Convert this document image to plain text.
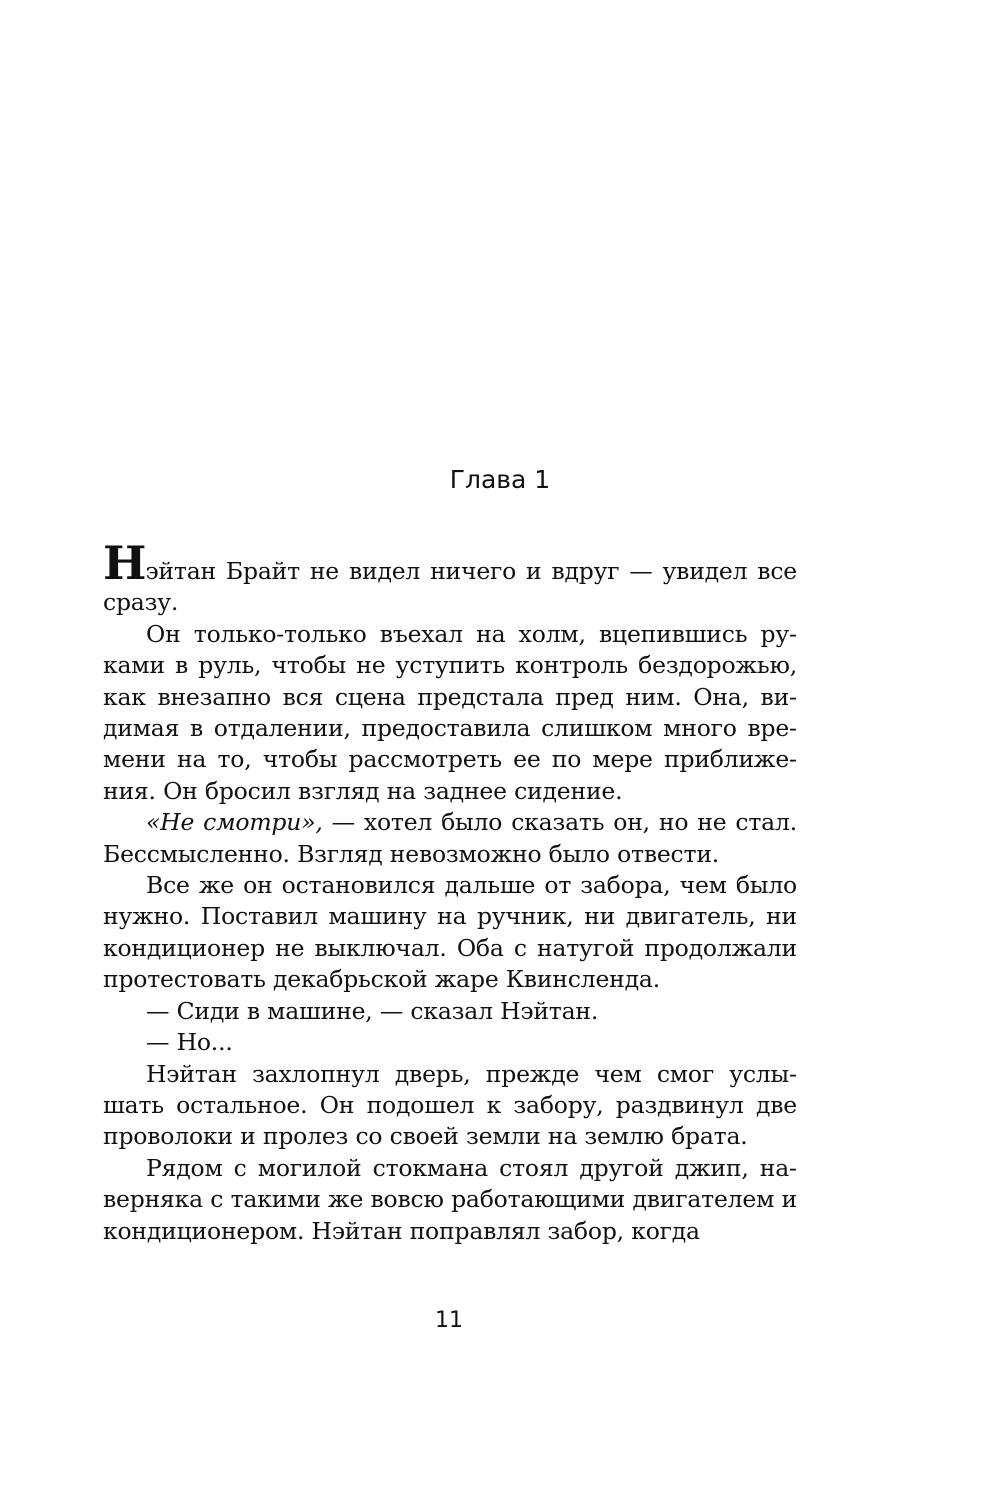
Глава 1

Нэйтан Брайт не видел ничего и вдруг — увидел все сразу.

Он только-только въехал на холм, вцепившись руками в руль, чтобы не уступить контроль бездорожью, как внезапно вся сцена предстала пред ним. Она, видимая в отдалении, предоставила слишком много времени на то, чтобы рассмотреть ее по мере приближения. Он бросил взгляд на заднее сидение.

«Не смотри», — хотел было сказать он, но не стал. Бессмысленно. Взгляд невозможно было отвести.

Все же он остановился дальше от забора, чем было нужно. Поставил машину на ручник, ни двигатель, ни кондиционер не выключал. Оба с натугой продолжали протестовать декабрьской жаре Квинсленда.

— Сиди в машине, — сказал Нэйтан.

— Но...

Нэйтан захлопнул дверь, прежде чем смог услышать остальное. Он подошел к забору, раздвинул две проволоки и пролез со своей земли на землю брата.

Рядом с могилой стокмана стоял другой джип, наверняка с такими же вовсю работающими двигателем и кондиционером. Нэйтан поправлял забор, когда

11
